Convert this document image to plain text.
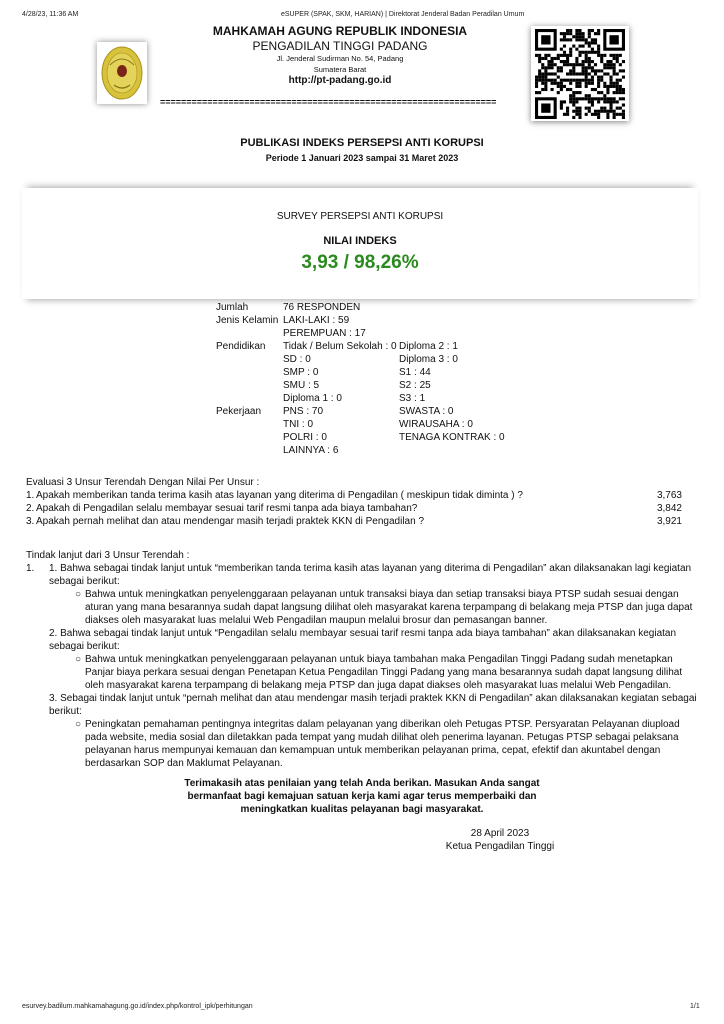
4/28/23, 11:36 AM	eSUPER (SPAK, SKM, HARIAN) | Direktorat Jenderal Badan Peradilan Umum
MAHKAMAH AGUNG REPUBLIK INDONESIA
PENGADILAN TINGGI PADANG
Jl. Jenderal Sudirman No. 54, Padang
Sumatera Barat
http://pt-padang.go.id
================================================================
PUBLIKASI INDEKS PERSEPSI ANTI KORUPSI
Periode 1 Januari 2023 sampai 31 Maret 2023
SURVEY PERSEPSI ANTI KORUPSI
NILAI INDEKS
3,93 / 98,26%
Jumlah	76 RESPONDEN	
Jenis Kelamin	LAKI-LAKI : 59	
	PEREMPUAN : 17	
Pendidikan	Tidak / Belum Sekolah : 0	Diploma 2 : 1
	SD : 0	Diploma 3 : 0
	SMP : 0	S1 : 44
	SMU : 5	S2 : 25
	Diploma 1 : 0	S3 : 1
Pekerjaan	PNS : 70	SWASTA : 0
	TNI : 0	WIRAUSAHA : 0
	POLRI : 0	TENAGA KONTRAK : 0
	LAINNYA : 6	
Evaluasi 3 Unsur Terendah Dengan Nilai Per Unsur :
1. Apakah memberikan tanda terima kasih atas layanan yang diterima di Pengadilan ( meskipun tidak diminta ) ?	3,763
2. Apakah di Pengadilan selalu membayar sesuai tarif resmi tanpa ada biaya tambahan?	3,842
3. Apakah pernah melihat dan atau mendengar masih terjadi praktek KKN di Pengadilan ?	3,921
Tindak lanjut dari 3 Unsur Terendah :
1.	1. Bahwa sebagai tindak lanjut untuk “memberikan tanda terima kasih atas layanan yang diterima di Pengadilan” akan dilaksanakan lagi kegiatan sebagai berikut:
○ Bahwa untuk meningkatkan penyelenggaraan pelayanan untuk transaksi biaya dan setiap transaksi biaya PTSP sudah sesuai dengan aturan yang mana besarannya sudah dapat langsung dilihat oleh masyarakat karena terpampang di belakang meja PTSP dan juga dapat diakses oleh masyarakat luas melalui Web Pengadilan maupun melalui brosur dan pemasangan banner.
2. Bahwa sebagai tindak lanjut untuk “Pengadilan selalu membayar sesuai tarif resmi tanpa ada biaya tambahan” akan dilaksanakan kegiatan sebagai berikut:
○ Bahwa untuk meningkatkan penyelenggaraan pelayanan untuk biaya tambahan maka Pengadilan Tinggi Padang sudah menetapkan Panjar biaya perkara sesuai dengan Penetapan Ketua Pengadilan Tinggi Padang yang mana besarannya sudah dapat langsung dilihat oleh masyarakat karena terpampang di belakang meja PTSP dan juga dapat diakses oleh masyarakat luas melalui Web Pengadilan.
3. Sebagai tindak lanjut untuk “pernah melihat dan atau mendengar masih terjadi praktek KKN di Pengadilan” akan dilaksanakan kegiatan sebagai berikut:
○ Peningkatan pemahaman pentingnya integritas dalam pelayanan yang diberikan oleh Petugas PTSP. Persyaratan Pelayanan diupload pada website, media sosial dan diletakkan pada tempat yang mudah dilihat oleh penerima layanan. Petugas PTSP sebagai pelaksana pelayanan harus mempunyai kemauan dan kemampuan untuk memberikan pelayanan prima, cepat, efektif dan akuntabel dengan berdasarkan SOP dan Maklumat Pelayanan.
Terimakasih atas penilaian yang telah Anda berikan. Masukan Anda sangat
bermanfaat bagi kemajuan satuan kerja kami agar terus memperbaiki dan
meningkatkan kualitas pelayanan bagi masyarakat.
28 April 2023
Ketua Pengadilan Tinggi
esurvey.badilum.mahkamahagung.go.id/index.php/kontrol_ipk/perhitungan	1/1
